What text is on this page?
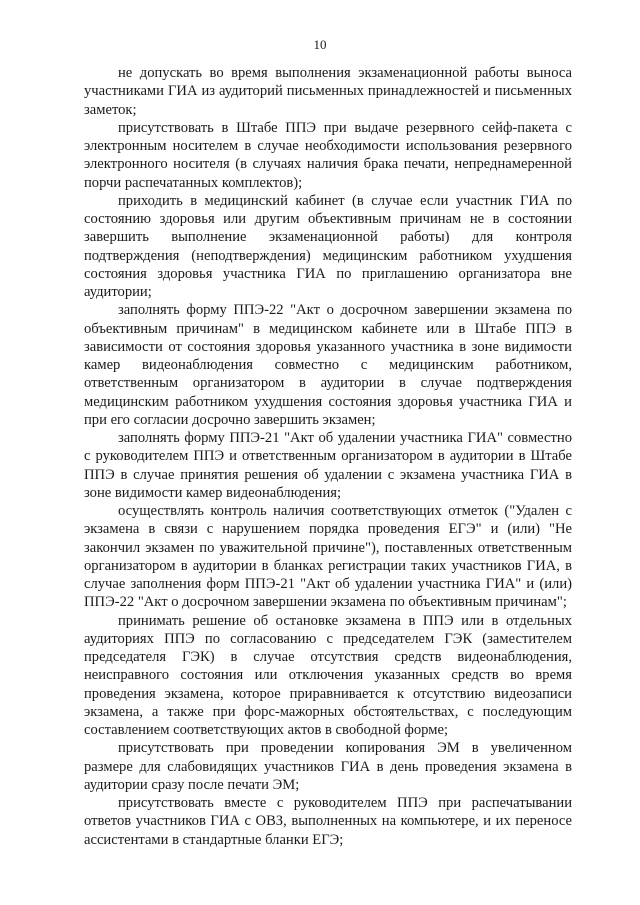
10

не допускать во время выполнения экзаменационной работы выноса участниками ГИА из аудиторий письменных принадлежностей и письменных заметок;

присутствовать в Штабе ППЭ при выдаче резервного сейф-пакета с электронным носителем в случае необходимости использования резервного электронного носителя (в случаях наличия брака печати, непреднамеренной порчи распечатанных комплектов);

приходить в медицинский кабинет (в случае если участник ГИА по состоянию здоровья или другим объективным причинам не в состоянии завершить выполнение экзаменационной работы) для контроля подтверждения (неподтверждения) медицинским работником ухудшения состояния здоровья участника ГИА по приглашению организатора вне аудитории;

заполнять форму ППЭ-22 "Акт о досрочном завершении экзамена по объективным причинам" в медицинском кабинете или в Штабе ППЭ в зависимости от состояния здоровья указанного участника в зоне видимости камер видеонаблюдения совместно с медицинским работником, ответственным организатором в аудитории в случае подтверждения медицинским работником ухудшения состояния здоровья участника ГИА и при его согласии досрочно завершить экзамен;

заполнять форму ППЭ-21 "Акт об удалении участника ГИА" совместно с руководителем ППЭ и ответственным организатором в аудитории в Штабе ППЭ в случае принятия решения об удалении с экзамена участника ГИА в зоне видимости камер видеонаблюдения;

осуществлять контроль наличия соответствующих отметок ("Удален с экзамена в связи с нарушением порядка проведения ЕГЭ" и (или) "Не закончил экзамен по уважительной причине"), поставленных ответственным организатором в аудитории в бланках регистрации таких участников ГИА, в случае заполнения форм ППЭ-21 "Акт об удалении участника ГИА" и (или) ППЭ-22 "Акт о досрочном завершении экзамена по объективным причинам";

принимать решение об остановке экзамена в ППЭ или в отдельных аудиториях ППЭ по согласованию с председателем ГЭК (заместителем председателя ГЭК) в случае отсутствия средств видеонаблюдения, неисправного состояния или отключения указанных средств во время проведения экзамена, которое приравнивается к отсутствию видеозаписи экзамена, а также при форс-мажорных обстоятельствах, с последующим составлением соответствующих актов в свободной форме;

присутствовать при проведении копирования ЭМ в увеличенном размере для слабовидящих участников ГИА в день проведения экзамена в аудитории сразу после печати ЭМ;

присутствовать вместе с руководителем ППЭ при распечатывании ответов участников ГИА с ОВЗ, выполненных на компьютере, и их переносе ассистентами в стандартные бланки ЕГЭ;
